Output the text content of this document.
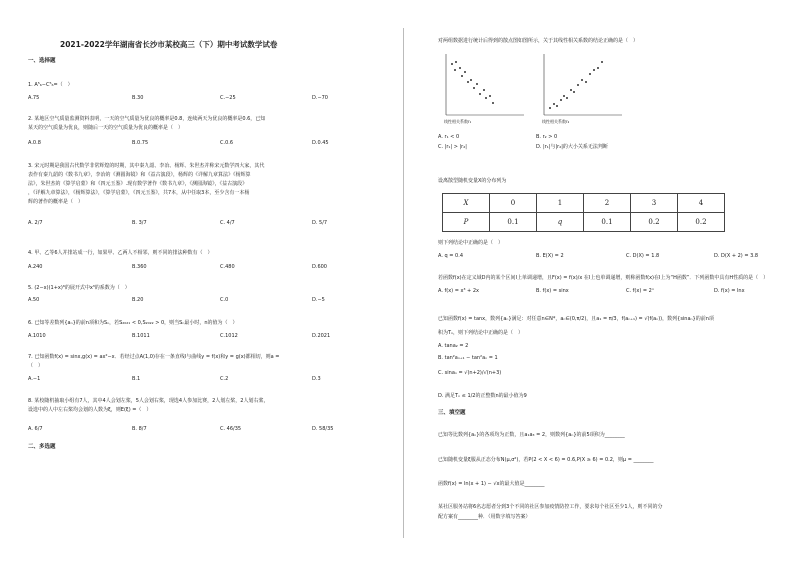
2021-2022学年湖南省长沙市某校高三（下）期中考试数学试卷
一、选择题
1. A⁵₆−C⁵₆=（　）
A.75	B.30	C.−25	D.−70
2. 某地区空气质量监测资料表明，一天的空气质量为优良的概率是0.8，连续两天为优良的概率是0.6，已知
某天的空气质量为优良，则随后一天的空气质量为优良的概率是（　）
A.0.8	B.0.75	C.0.6	D.0.45
3. 宋元时期是我国古代数学非常辉煌的时期，其中秦九韶、李冶、杨辉、朱世杰并称宋元数学四大家，其代
表作有秦九韶的《数书九章》，李冶的《测圆海镜》和《益古演段》，杨辉的《详解九章算法》《杨辉算
法》，朱世杰的《算学启蒙》和《四元玉鉴》.现有数学著作《数书九章》，《测圆海镜》，《益古演段》
，《详解九章算法》，《杨辉算法》，《算学启蒙》，《四元玉鉴》，共7本，从中任取3本，至少含有一本杨
辉的著作的概率是（　）
A. 2/7	B. 3/7	C. 4/7	D. 5/7
4. 甲、乙等6人并排站成一行，如果甲、乙两人不相邻，则不同的排法种数有（　）
A.240	B.360	C.480	D.600
5. (2−x)(1+x)⁶的展开式中x³的系数为（　）
A.50	B.20	C.0	D.−5
6. 已知等差数列{aₙ}的前n项和为Sₙ，若S₂₀₂₁ < 0,S₂₀₂₂ > 0，则当Sₙ最小时，n的值为（　）
A.1010	B.1011	C.1012	D.2021
7. 已知函数f(x) = sinx,g(x) = ax²−x．若经过点A(1,0)存在一条直线l与曲线y = f(x)和y = g(x)都相切，则a =
（　）
A.−1	B.1	C.2	D.3
8. 某校随机抽取小组有7人，其中4人会划左桨，5人会划右桨，现选4人参加比赛，2人划左桨，2人划右桨，
设选中的人中左右桨均会划的人数为ξ，则E(ξ) =（　）
A. 6/7	B. 8/7	C. 46/35	D. 58/35
二、多选题
对两组数据进行统计后得到的散点图如图所示，关于其线性相关系数的结论正确的是（　）
线性相关系数r₁	线性相关系数r₂
A. r₁ < 0	B. r₂ > 0
C. |r₁| > |r₂|	D. |r₁|与|r₂|的大小关系无法判断
设离散型随机变量X的分布列为
X	0	1	2	3	4
P	0.1	q	0.1	0.2	0.2
则下列结论中正确的是（　）
A. q = 0.4	B. E(X) = 2	C. D(X) = 1.8	D. D(X + 2) = 3.8
若函数f(x)在定义域D内的某个区间I上单调递增，且F(x) = f(x)/x 在I上也单调递增，则称函数f(x)在I上为“H函数”．下列函数中具有H性质的是（　）
A. f(x) = x³ + 2x	B. f(x) = sinx	C. f(x) = 2ˣ	D. f(x) = lnx
已知函数f(x) = tanx，数列{aₙ}满足：对任意n∈N*，aₙ∈(0,π/2)，且a₁ = π/3，f(aₙ₊₁) = √(f(aₙ))，数列{sinaₙ}的前n项
积为Tₙ，则下列结论中正确的是（　）
A. tana₂ = 2
B. tan²aₙ₊₁ − tan²aₙ = 1
C. sinaₙ = √(n+2)/√(n+3)
D. 满足Tₙ ≤ 1/2的正整数n的最小值为9
三、填空题
已知等比数列{aₙ}的各项均为正数，且a₁a₃ = 2，则数列{aₙ}的前5项积为________
已知随机变量ξ服从正态分布N(μ,σ²)，若P(2 < X < 6) = 0.6,P(X ≥ 6) = 0.2，则μ = ________
函数f(x) = ln(x + 1) − √x的最大值是________
某社区服务站将6名志愿者分到3个不同的社区参加疫情防控工作，要求每个社区至少1人，则不同的分
配方案有________种．（用数字填写答案）
